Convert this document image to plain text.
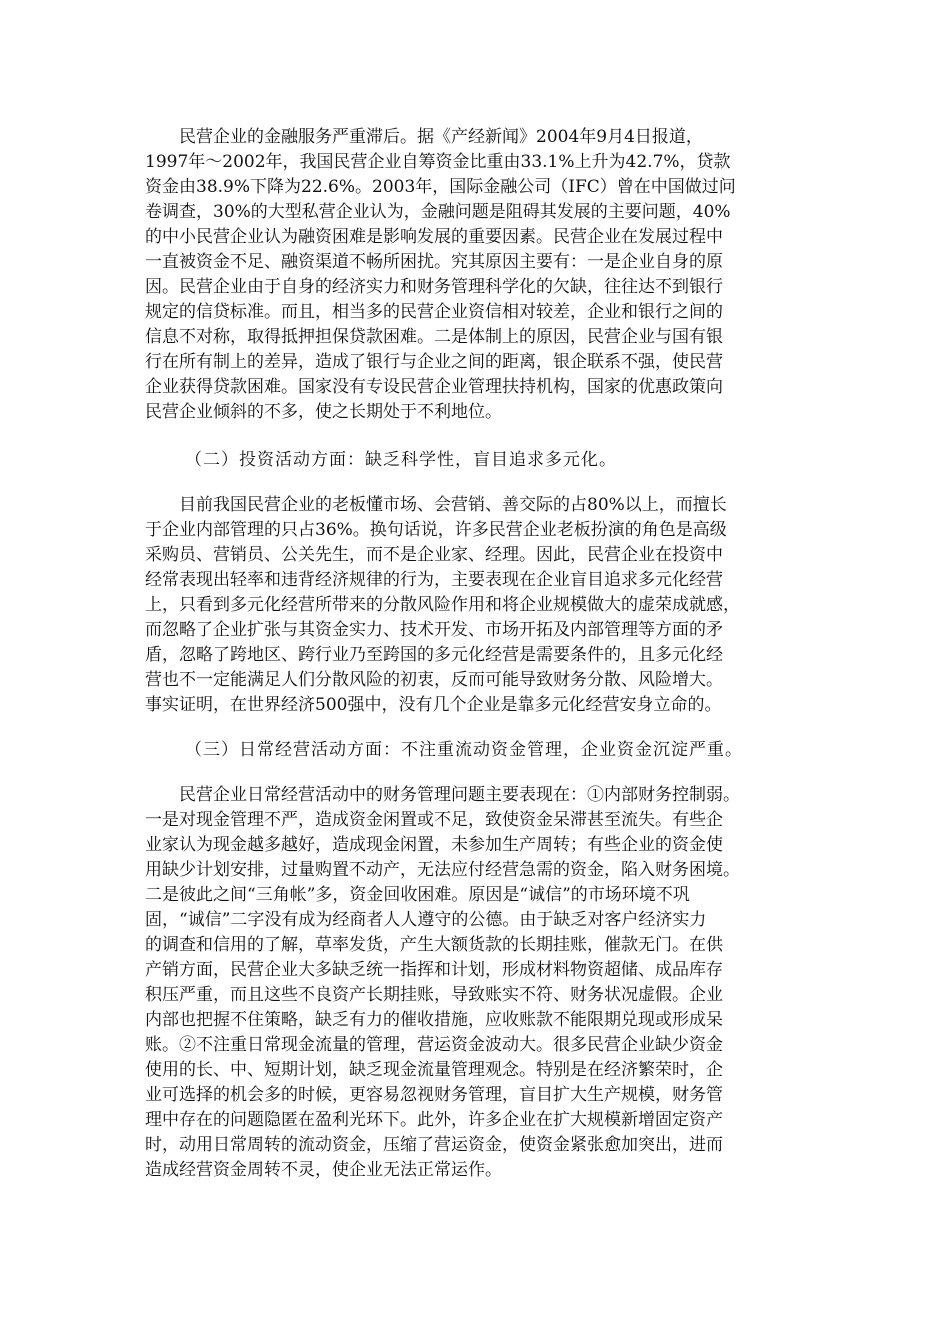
民营企业的金融服务严重滞后。据《产经新闻》2004年9月4日报道，
1997年～2002年，我国民营企业自筹资金比重由33.1%上升为42.7%，贷款
资金由38.9%下降为22.6%。2003年，国际金融公司（IFC）曾在中国做过问
卷调查，30%的大型私营企业认为，金融问题是阻碍其发展的主要问题，40%
的中小民营企业认为融资困难是影响发展的重要因素。民营企业在发展过程中
一直被资金不足、融资渠道不畅所困扰。究其原因主要有：一是企业自身的原
因。民营企业由于自身的经济实力和财务管理科学化的欠缺，往往达不到银行
规定的信贷标准。而且，相当多的民营企业资信相对较差，企业和银行之间的
信息不对称，取得抵押担保贷款困难。二是体制上的原因，民营企业与国有银
行在所有制上的差异，造成了银行与企业之间的距离，银企联系不强，使民营
企业获得贷款困难。国家没有专设民营企业管理扶持机构，国家的优惠政策向
民营企业倾斜的不多，使之长期处于不利地位。
（二）投资活动方面：缺乏科学性，盲目追求多元化。
目前我国民营企业的老板懂市场、会营销、善交际的占80%以上，而擅长
于企业内部管理的只占36%。换句话说，许多民营企业老板扮演的角色是高级
采购员、营销员、公关先生，而不是企业家、经理。因此，民营企业在投资中
经常表现出轻率和违背经济规律的行为，主要表现在企业盲目追求多元化经营
上，只看到多元化经营所带来的分散风险作用和将企业规模做大的虚荣成就感，
而忽略了企业扩张与其资金实力、技术开发、市场开拓及内部管理等方面的矛
盾，忽略了跨地区、跨行业乃至跨国的多元化经营是需要条件的，且多元化经
营也不一定能满足人们分散风险的初衷，反而可能导致财务分散、风险增大。
事实证明，在世界经济500强中，没有几个企业是靠多元化经营安身立命的。
（三）日常经营活动方面：不注重流动资金管理，企业资金沉淀严重。
民营企业日常经营活动中的财务管理问题主要表现在：①内部财务控制弱。
一是对现金管理不严，造成资金闲置或不足，致使资金呆滞甚至流失。有些企
业家认为现金越多越好，造成现金闲置，未参加生产周转；有些企业的资金使
用缺少计划安排，过量购置不动产，无法应付经营急需的资金，陷入财务困境。
二是彼此之间“三角帐”多，资金回收困难。原因是“诚信”的市场环境不巩
固，“诚信”二字没有成为经商者人人遵守的公德。由于缺乏对客户经济实力
的调查和信用的了解，草率发货，产生大额货款的长期挂账，催款无门。在供
产销方面，民营企业大多缺乏统一指挥和计划，形成材料物资超储、成品库存
积压严重，而且这些不良资产长期挂账，导致账实不符、财务状况虚假。企业
内部也把握不住策略，缺乏有力的催收措施，应收账款不能限期兑现或形成呆
账。②不注重日常现金流量的管理，营运资金波动大。很多民营企业缺少资金
使用的长、中、短期计划，缺乏现金流量管理观念。特别是在经济繁荣时，企
业可选择的机会多的时候，更容易忽视财务管理，盲目扩大生产规模，财务管
理中存在的问题隐匿在盈利光环下。此外，许多企业在扩大规模新增固定资产
时，动用日常周转的流动资金，压缩了营运资金，使资金紧张愈加突出，进而
造成经营资金周转不灵，使企业无法正常运作。
